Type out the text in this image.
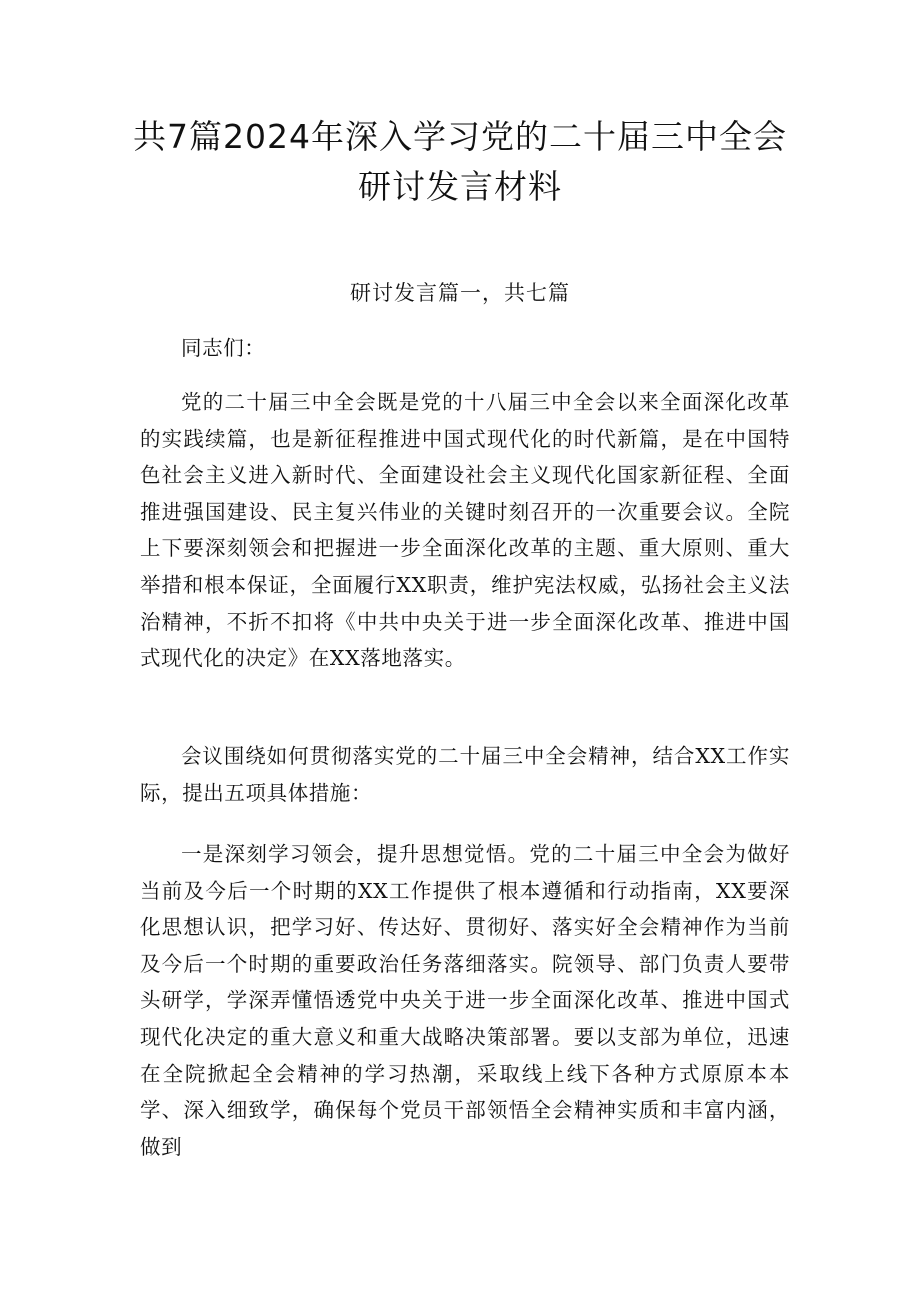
共7篇2024年深入学习党的二十届三中全会研讨发言材料
研讨发言篇一，共七篇

同志们：

党的二十届三中全会既是党的十八届三中全会以来全面深化改革的实践续篇，也是新征程推进中国式现代化的时代新篇，是在中国特色社会主义进入新时代、全面建设社会主义现代化国家新征程、全面推进强国建设、民主复兴伟业的关键时刻召开的一次重要会议。全院上下要深刻领会和把握进一步全面深化改革的主题、重大原则、重大举措和根本保证，全面履行XX职责，维护宪法权威，弘扬社会主义法治精神，不折不扣将《中共中央关于进一步全面深化改革、推进中国式现代化的决定》在XX落地落实。

会议围绕如何贯彻落实党的二十届三中全会精神，结合XX工作实际，提出五项具体措施：

一是深刻学习领会，提升思想觉悟。党的二十届三中全会为做好当前及今后一个时期的XX工作提供了根本遵循和行动指南，XX要深化思想认识，把学习好、传达好、贯彻好、落实好全会精神作为当前及今后一个时期的重要政治任务落细落实。院领导、部门负责人要带头研学，学深弄懂悟透党中央关于进一步全面深化改革、推进中国式现代化决定的重大意义和重大战略决策部署。要以支部为单位，迅速在全院掀起全会精神的学习热潮，采取线上线下各种方式原原本本学、深入细致学，确保每个党员干部领悟全会精神实质和丰富内涵，做到
